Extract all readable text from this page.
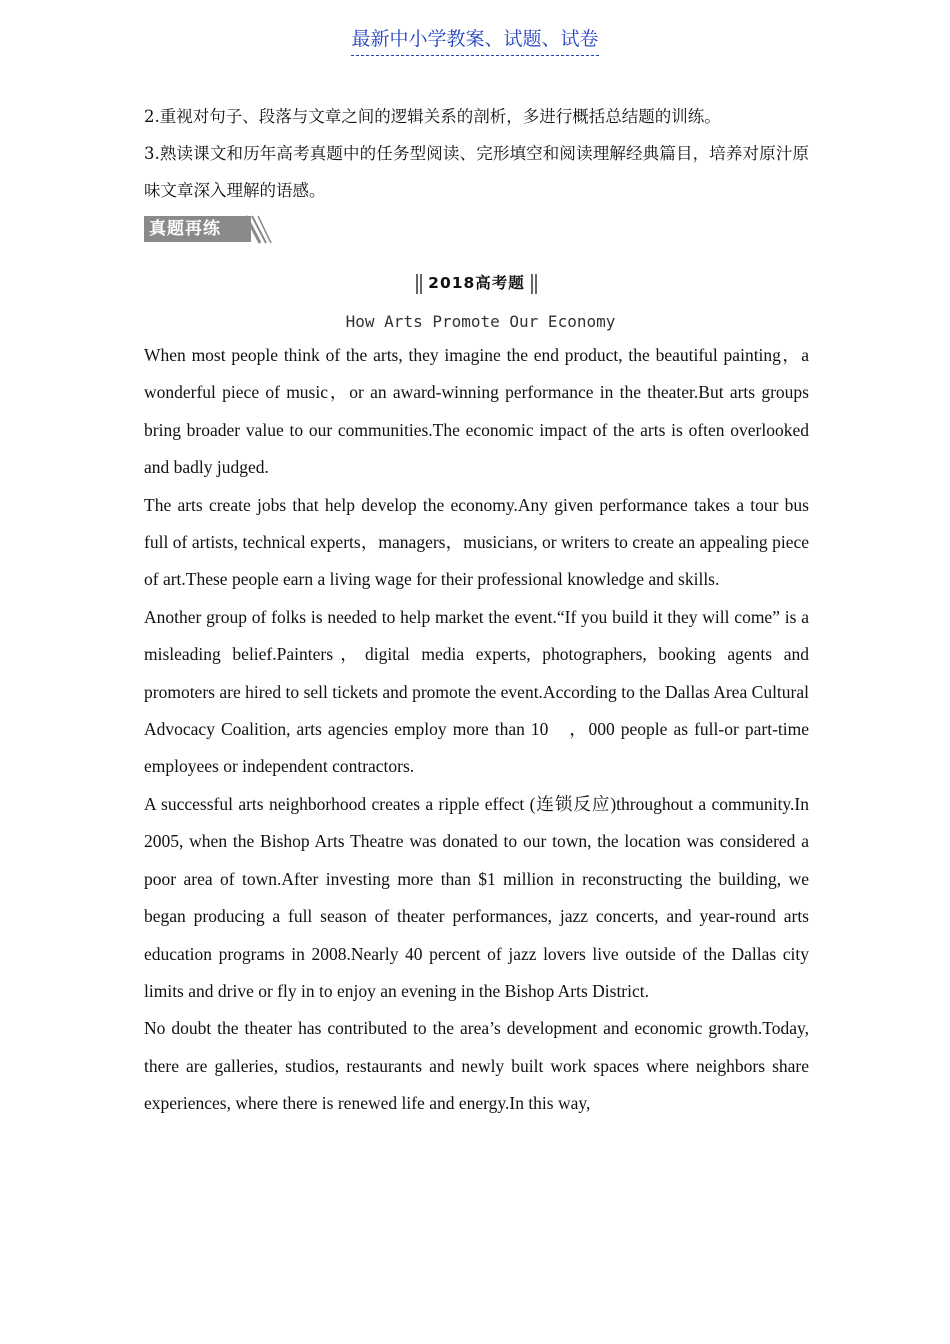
最新中小学教案、试题、试卷

2.重视对句子、段落与文章之间的逻辑关系的剖析，多进行概括总结题的训练。

3.熟读课文和历年高考真题中的任务型阅读、完形填空和阅读理解经典篇目，培养对原汁原味文章深入理解的语感。

真题再练
2018高考题
How Arts Promote Our Economy

When most people think of the arts, they imagine the end product, the beautiful painting，a wonderful piece of music，or an award-winning performance in the theater.But arts groups bring broader value to our communities.The economic impact of the arts is often overlooked and badly judged.

The arts create jobs that help develop the economy.Any given performance takes a tour bus full of artists, technical experts，managers，musicians, or writers to create an appealing piece of art.These people earn a living wage for their professional knowledge and skills.

Another group of folks is needed to help market the event.“If you build it they will come” is a misleading belief.Painters，digital media experts, photographers, booking agents and promoters are hired to sell tickets and promote the event.According to the Dallas Area Cultural Advocacy Coalition, arts agencies employ more than 10　，000 people as full-or part-time employees or independent contractors.

A successful arts neighborhood creates a ripple effect (连锁反应)throughout a community.In 2005, when the Bishop Arts Theatre was donated to our town, the location was considered a poor area of town.After investing more than $1 million in reconstructing the building, we began producing a full season of theater performances, jazz concerts, and year-round arts education programs in 2008.Nearly 40 percent of jazz lovers live outside of the Dallas city limits and drive or fly in to enjoy an evening in the Bishop Arts District.

No doubt the theater has contributed to the area’s development and economic growth.Today, there are galleries, studios, restaurants and newly built work spaces where neighbors share experiences, where there is renewed life and energy.In this way,
